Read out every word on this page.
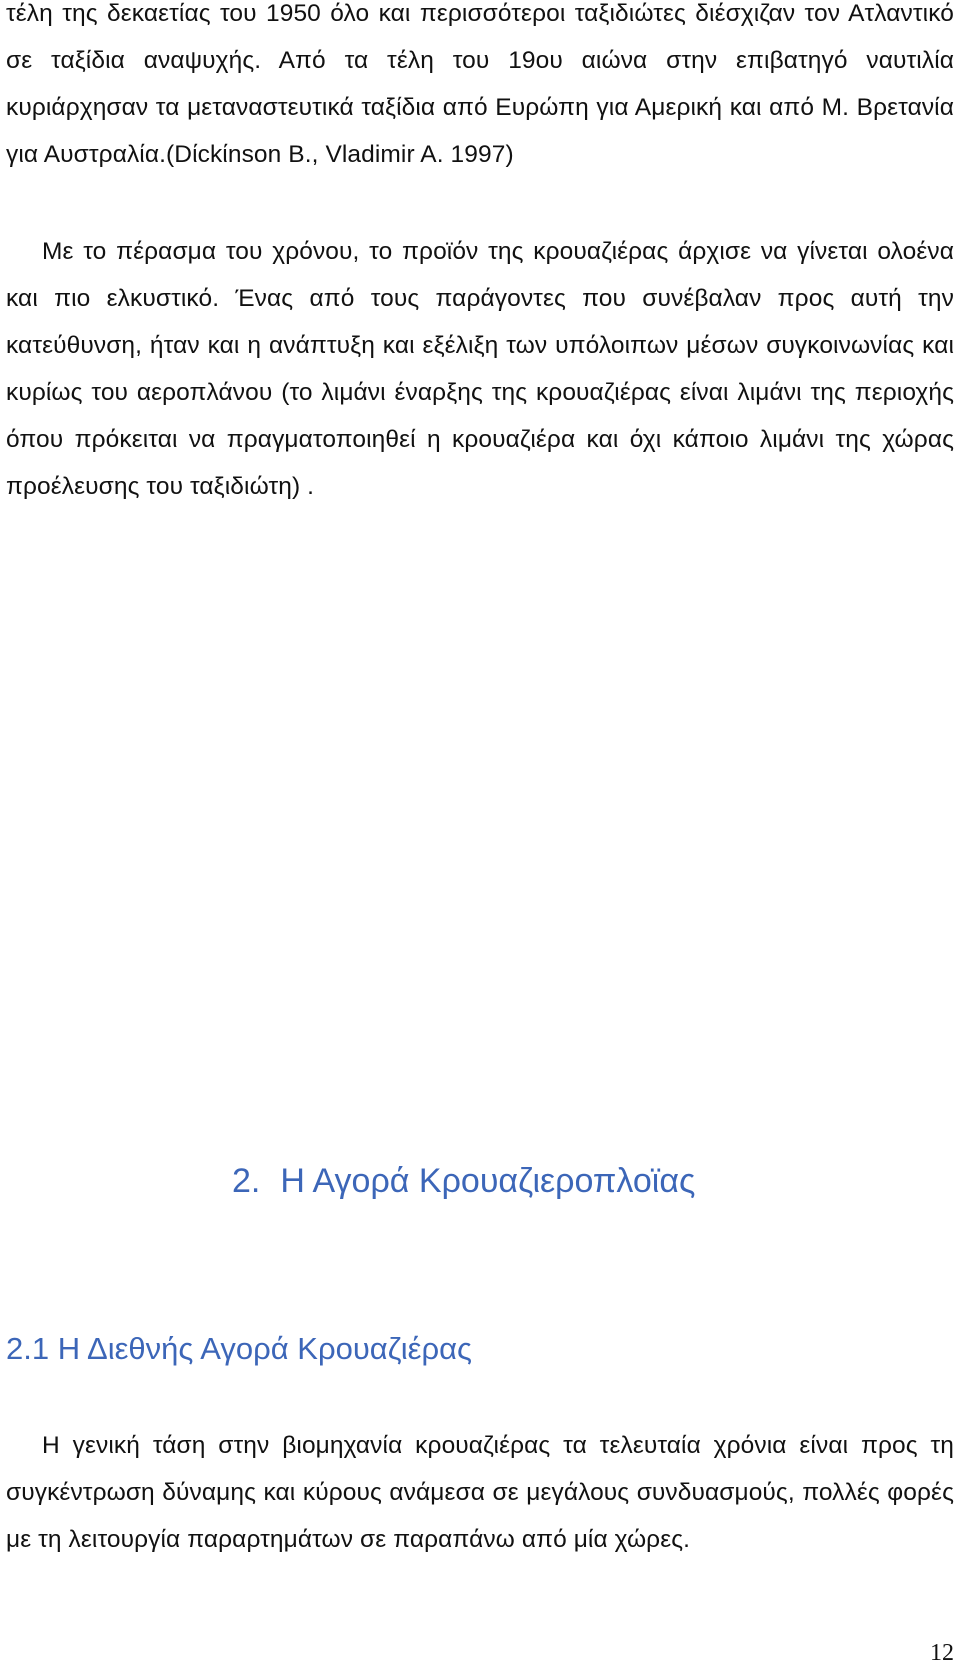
τέλη της δεκαετίας του 1950 όλο και περισσότεροι ταξιδιώτες διέσχιζαν τον Ατλαντικό σε ταξίδια αναψυχής. Από τα τέλη του 19ου αιώνα στην επιβατηγό ναυτιλία κυριάρχησαν τα μεταναστευτικά ταξίδια από Ευρώπη για Αμερική και από Μ. Βρετανία για Αυστραλία.(Dίckίnson B., Vladimir A. 1997)

Με το πέρασμα του χρόνου, το προϊόν της κρουαζιέρας άρχισε να γίνεται ολοένα και πιο ελκυστικό. Ένας από τους παράγοντες που συνέβαλαν προς αυτή την κατεύθυνση, ήταν και η ανάπτυξη και εξέλιξη των υπόλοιπων μέσων συγκοινωνίας και κυρίως του αεροπλάνου (το λιμάνι έναρξης της κρουαζιέρας είναι λιμάνι της περιοχής όπου πρόκειται να πραγματοποιηθεί η κρουαζιέρα και όχι κάποιο λιμάνι της χώρας προέλευσης του ταξιδιώτη) .

2. Η Αγορά Κρουαζιεροπλοϊας
2.1 Η Διεθνής Αγορά Κρουαζιέρας

Η γενική τάση στην βιομηχανία κρουαζιέρας τα τελευταία χρόνια είναι προς τη συγκέντρωση δύναμης και κύρους ανάμεσα σε μεγάλους συνδυασμούς, πολλές φορές με τη λειτουργία παραρτημάτων σε παραπάνω από μία χώρες.

12
